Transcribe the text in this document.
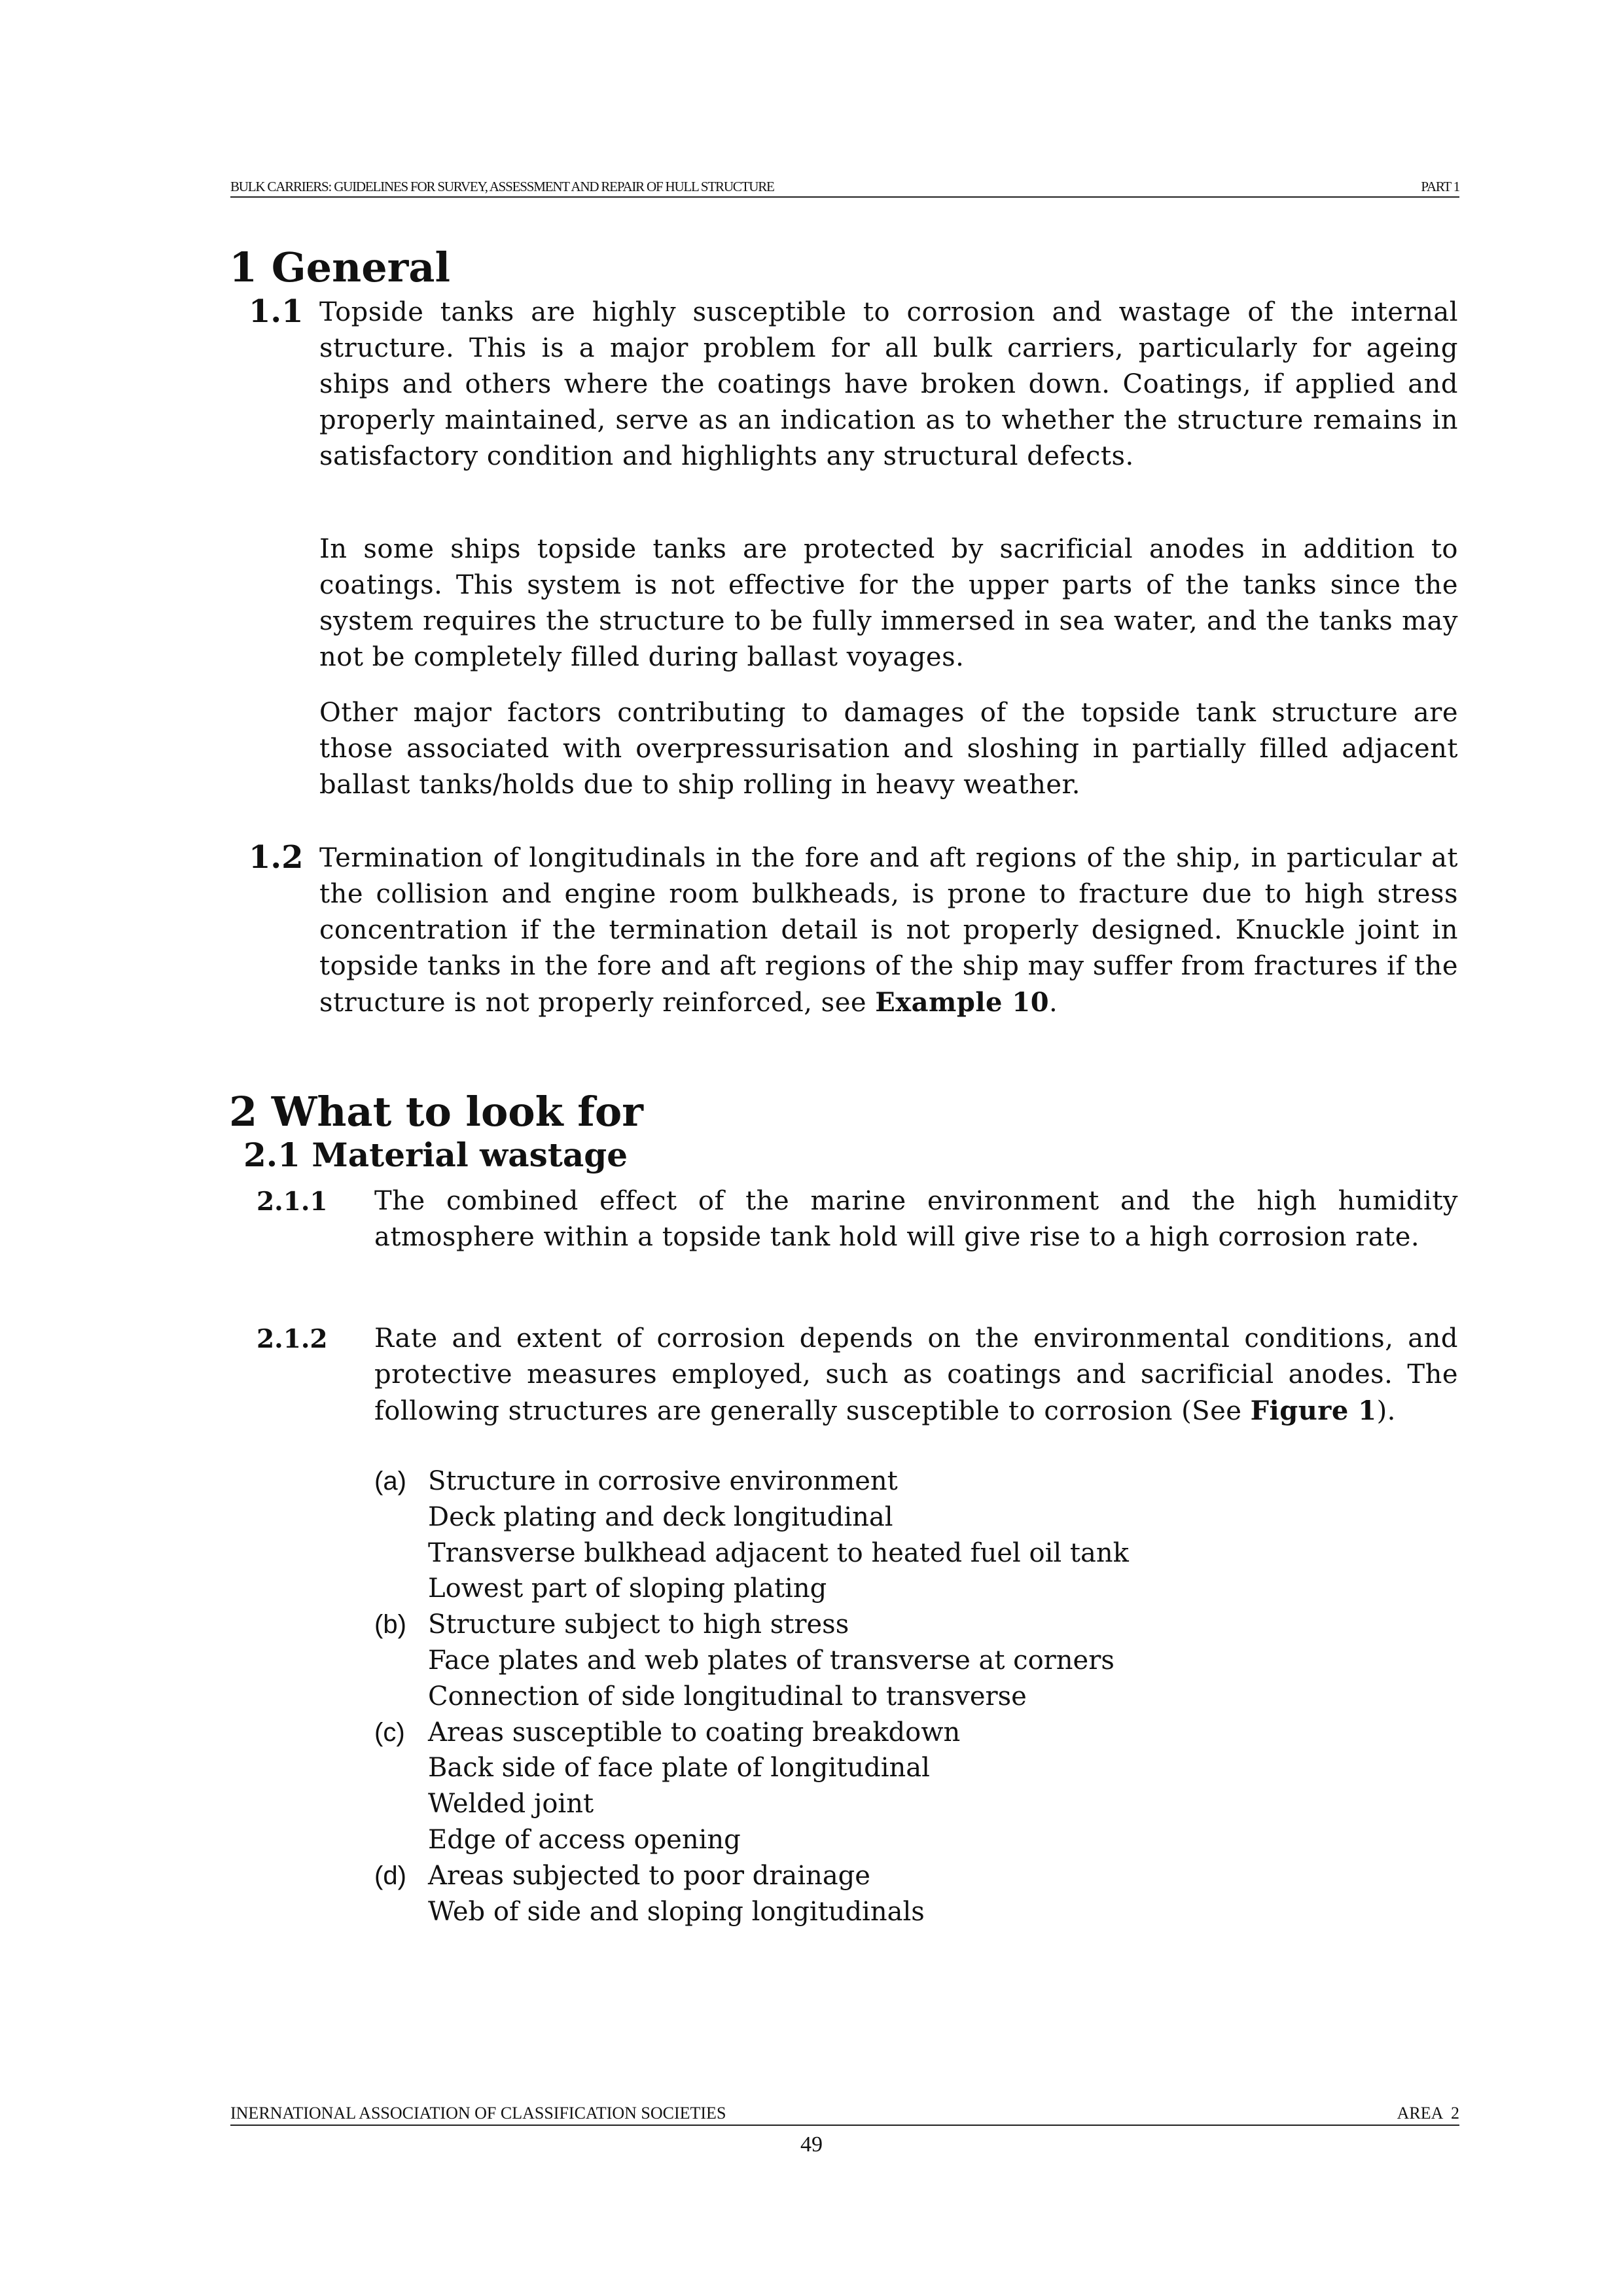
BULK CARRIERS: GUIDELINES FOR SURVEY, ASSESSMENT AND REPAIR OF HULL STRUCTURE	PART 1
1 General
1.1 Topside tanks are highly susceptible to corrosion and wastage of the internal structure. This is a major problem for all bulk carriers, particularly for ageing ships and others where the coatings have broken down. Coatings, if applied and properly maintained, serve as an indication as to whether the structure remains in satisfactory condition and highlights any structural defects.

In some ships topside tanks are protected by sacrificial anodes in addition to coatings. This system is not effective for the upper parts of the tanks since the system requires the structure to be fully immersed in sea water, and the tanks may not be completely filled during ballast voyages.

Other major factors contributing to damages of the topside tank structure are those associated with overpressurisation and sloshing in partially filled adjacent ballast tanks/holds due to ship rolling in heavy weather.

1.2 Termination of longitudinals in the fore and aft regions of the ship, in particular at the collision and engine room bulkheads, is prone to fracture due to high stress concentration if the termination detail is not properly designed. Knuckle joint in topside tanks in the fore and aft regions of the ship may suffer from fractures if the structure is not properly reinforced, see Example 10.

2 What to look for
2.1 Material wastage
2.1.1 The combined effect of the marine environment and the high humidity atmosphere within a topside tank hold will give rise to a high corrosion rate.

2.1.2 Rate and extent of corrosion depends on the environmental conditions, and protective measures employed, such as coatings and sacrificial anodes. The following structures are generally susceptible to corrosion (See Figure 1).

(a) Structure in corrosive environment
Deck plating and deck longitudinal
Transverse bulkhead adjacent to heated fuel oil tank
Lowest part of sloping plating
(b) Structure subject to high stress
Face plates and web plates of transverse at corners
Connection of side longitudinal to transverse
(c) Areas susceptible to coating breakdown
Back side of face plate of longitudinal
Welded joint
Edge of access opening
(d) Areas subjected to poor drainage
Web of side and sloping longitudinals
INERNATIONAL ASSOCIATION OF CLASSIFICATION SOCIETIES	AREA  2
49
